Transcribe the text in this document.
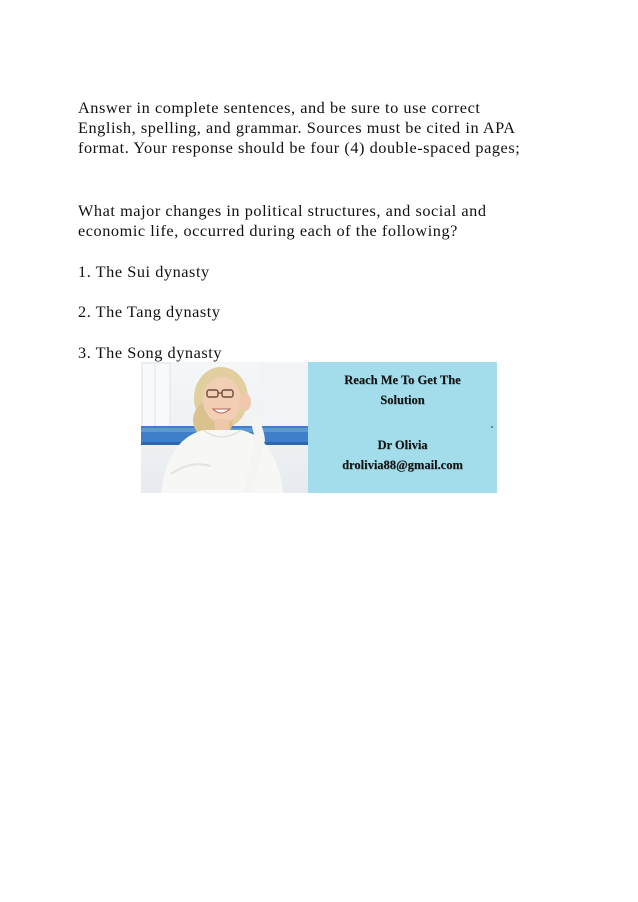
Answer in complete sentences, and be sure to use correct

English, spelling, and grammar. Sources must be cited in APA

format. Your response should be four (4) double-spaced pages;

What major changes in political structures, and social and

economic life, occurred during each of the following?

1. The Sui dynasty

2. The Tang dynasty

3. The Song dynasty

Reach Me To Get The

Solution

Dr Olivia

drolivia88@gmail.com
